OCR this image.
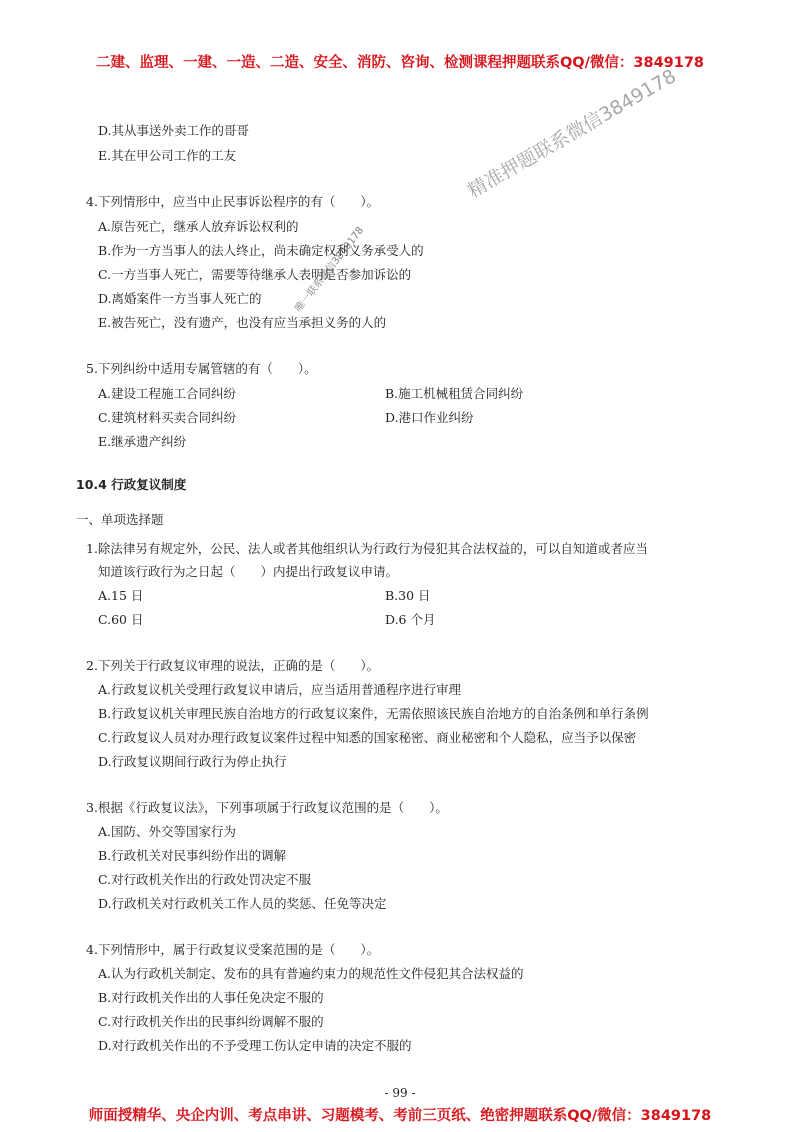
二建、监理、一建、一造、二造、安全、消防、咨询、检测课程押题联系QQ/微信：3849178
D.其从事送外卖工作的哥哥
E.其在甲公司工作的工友
4.下列情形中，应当中止民事诉讼程序的有（　　）。
A.原告死亡，继承人放弃诉讼权利的
B.作为一方当事人的法人终止，尚未确定权利义务承受人的
C.一方当事人死亡，需要等待继承人表明是否参加诉讼的
D.离婚案件一方当事人死亡的
E.被告死亡，没有遗产，也没有应当承担义务的人的
5.下列纠纷中适用专属管辖的有（　　）。
A.建设工程施工合同纠纷	B.施工机械租赁合同纠纷
C.建筑材料买卖合同纠纷	D.港口作业纠纷
E.继承遗产纠纷
10.4 行政复议制度
一、单项选择题
1.除法律另有规定外，公民、法人或者其他组织认为行政行为侵犯其合法权益的，可以自知道或者应当
知道该行政行为之日起（　　）内提出行政复议申请。
A.15 日	B.30 日
C.60 日	D.6 个月
2.下列关于行政复议审理的说法，正确的是（　　）。
A.行政复议机关受理行政复议申请后，应当适用普通程序进行审理
B.行政复议机关审理民族自治地方的行政复议案件，无需依照该民族自治地方的自治条例和单行条例
C.行政复议人员对办理行政复议案件过程中知悉的国家秘密、商业秘密和个人隐私，应当予以保密
D.行政复议期间行政行为停止执行
3.根据《行政复议法》，下列事项属于行政复议范围的是（　　）。
A.国防、外交等国家行为
B.行政机关对民事纠纷作出的调解
C.对行政机关作出的行政处罚决定不服
D.行政机关对行政机关工作人员的奖惩、任免等决定
4.下列情形中，属于行政复议受案范围的是（　　）。
A.认为行政机关制定、发布的具有普遍约束力的规范性文件侵犯其合法权益的
B.对行政机关作出的人事任免决定不服的
C.对行政机关作出的民事纠纷调解不服的
D.对行政机关作出的不予受理工伤认定申请的决定不服的
- 99 -
精准押题联系微信3849178
唯一联系微信3849178
师面授精华、央企内训、考点串讲、习题模考、考前三页纸、绝密押题联系QQ/微信：3849178
